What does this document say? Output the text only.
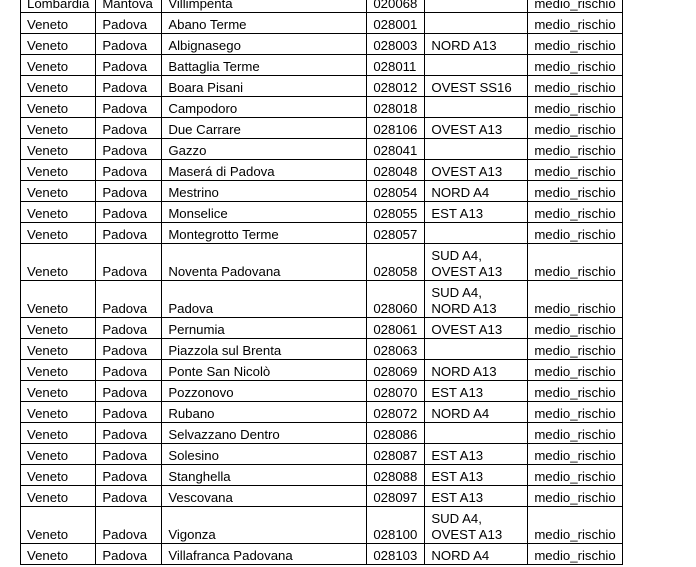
Lombardia	Mantova	Villimpenta	020068		medio_rischio
Veneto	Padova	Abano Terme	028001		medio_rischio
Veneto	Padova	Albignasego	028003	NORD A13	medio_rischio
Veneto	Padova	Battaglia Terme	028011		medio_rischio
Veneto	Padova	Boara Pisani	028012	OVEST SS16	medio_rischio
Veneto	Padova	Campodoro	028018		medio_rischio
Veneto	Padova	Due Carrare	028106	OVEST A13	medio_rischio
Veneto	Padova	Gazzo	028041		medio_rischio
Veneto	Padova	Maserá di Padova	028048	OVEST A13	medio_rischio
Veneto	Padova	Mestrino	028054	NORD A4	medio_rischio
Veneto	Padova	Monselice	028055	EST A13	medio_rischio
Veneto	Padova	Montegrotto Terme	028057		medio_rischio
Veneto	Padova	Noventa Padovana	028058	SUD A4, OVEST A13	medio_rischio
Veneto	Padova	Padova	028060	SUD A4, NORD A13	medio_rischio
Veneto	Padova	Pernumia	028061	OVEST A13	medio_rischio
Veneto	Padova	Piazzola sul Brenta	028063		medio_rischio
Veneto	Padova	Ponte San Nicolò	028069	NORD A13	medio_rischio
Veneto	Padova	Pozzonovo	028070	EST A13	medio_rischio
Veneto	Padova	Rubano	028072	NORD A4	medio_rischio
Veneto	Padova	Selvazzano Dentro	028086		medio_rischio
Veneto	Padova	Solesino	028087	EST A13	medio_rischio
Veneto	Padova	Stanghella	028088	EST A13	medio_rischio
Veneto	Padova	Vescovana	028097	EST A13	medio_rischio
Veneto	Padova	Vigonza	028100	SUD A4, OVEST A13	medio_rischio
Veneto	Padova	Villafranca Padovana	028103	NORD A4	medio_rischio
